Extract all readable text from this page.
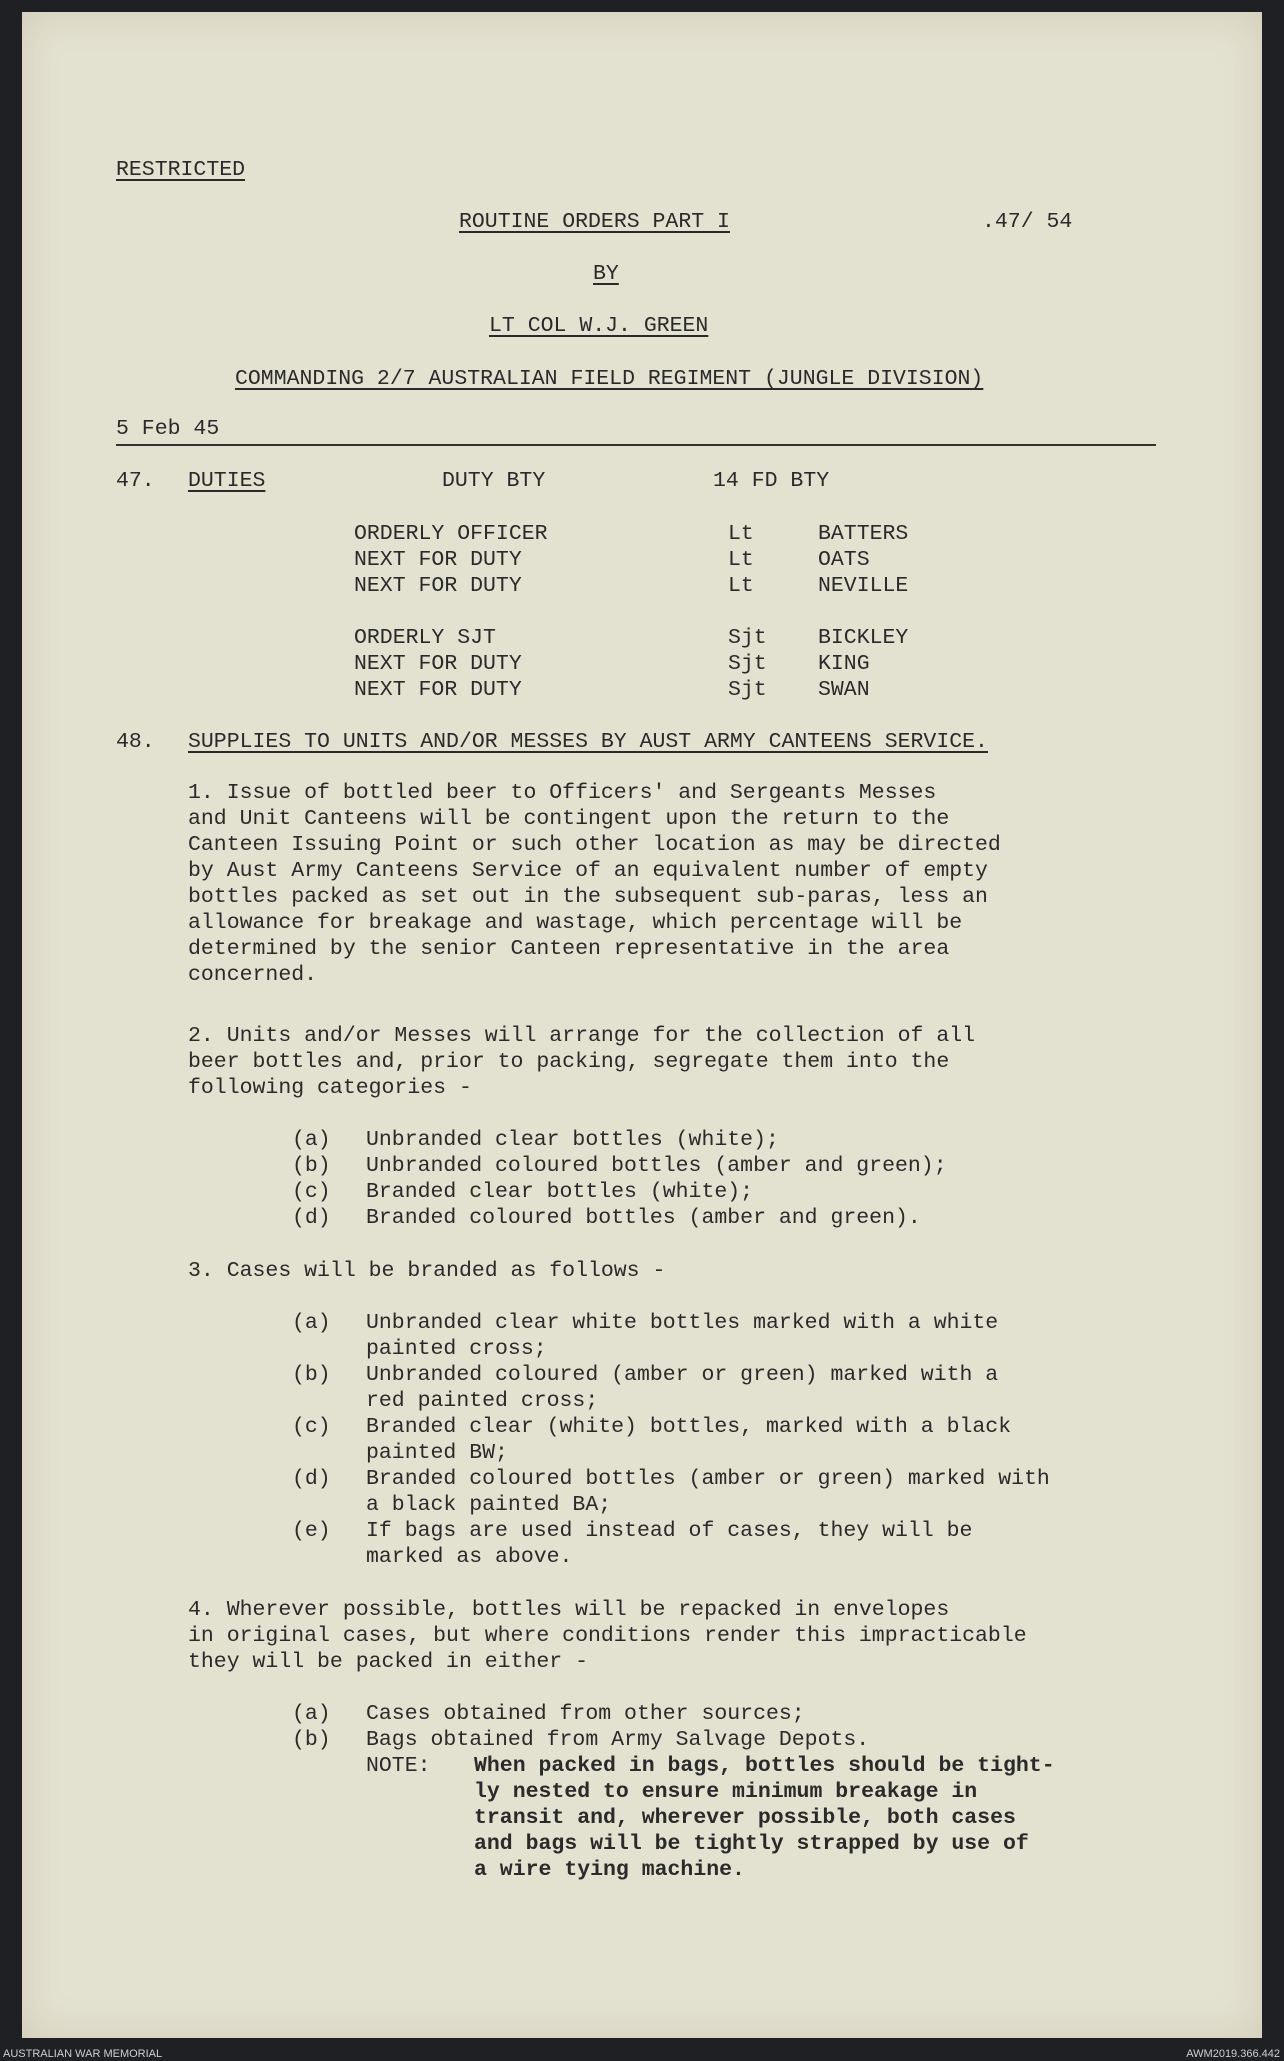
RESTRICTED
ROUTINE ORDERS PART I	.47/ 54
BY
LT COL W.J. GREEN
COMMANDING 2/7 AUSTRALIAN FIELD REGIMENT (JUNGLE DIVISION)
5 Feb 45
47. DUTIES	DUTY BTY	14 FD BTY
ORDERLY OFFICER	Lt	BATTERS
NEXT FOR DUTY	Lt	OATS
NEXT FOR DUTY	Lt	NEVILLE
ORDERLY SJT	Sjt BICKLEY
NEXT FOR DUTY	Sjt KING
NEXT FOR DUTY	Sjt SWAN
48. SUPPLIES TO UNITS AND/OR MESSES BY AUST ARMY CANTEENS SERVICE.
1. Issue of bottled beer to Officers' and Sergeants Messes
and Unit Canteens will be contingent upon the return to the
Canteen Issuing Point or such other location as may be directed
by Aust Army Canteens Service of an equivalent number of empty
bottles packed as set out in the subsequent sub-paras, less an
allowance for breakage and wastage, which percentage will be
determined by the senior Canteen representative in the area
concerned.
2. Units and/or Messes will arrange for the collection of all
beer bottles and, prior to packing, segregate them into the
following categories -
(a) Unbranded clear bottles (white);
(b) Unbranded coloured bottles (amber and green);
(c) Branded clear bottles (white);
(d) Branded coloured bottles (amber and green).
3. Cases will be branded as follows -
(a) Unbranded clear white bottles marked with a white
painted cross;
(b) Unbranded coloured (amber or green) marked with a
red painted cross;
(c) Branded clear (white) bottles, marked with a black
painted BW;
(d) Branded coloured bottles (amber or green) marked with
a black painted BA;
(e) If bags are used instead of cases, they will be
marked as above.
4. Wherever possible, bottles will be repacked in envelopes
in original cases, but where conditions render this impracticable
they will be packed in either -
(a) Cases obtained from other sources;
(b) Bags obtained from Army Salvage Depots.
NOTE: When packed in bags, bottles should be tight-
ly nested to ensure minimum breakage in
transit and, wherever possible, both cases
and bags will be tightly strapped by use of
a wire tying machine.
AUSTRALIAN WAR MEMORIAL	AWM2019.366.442
